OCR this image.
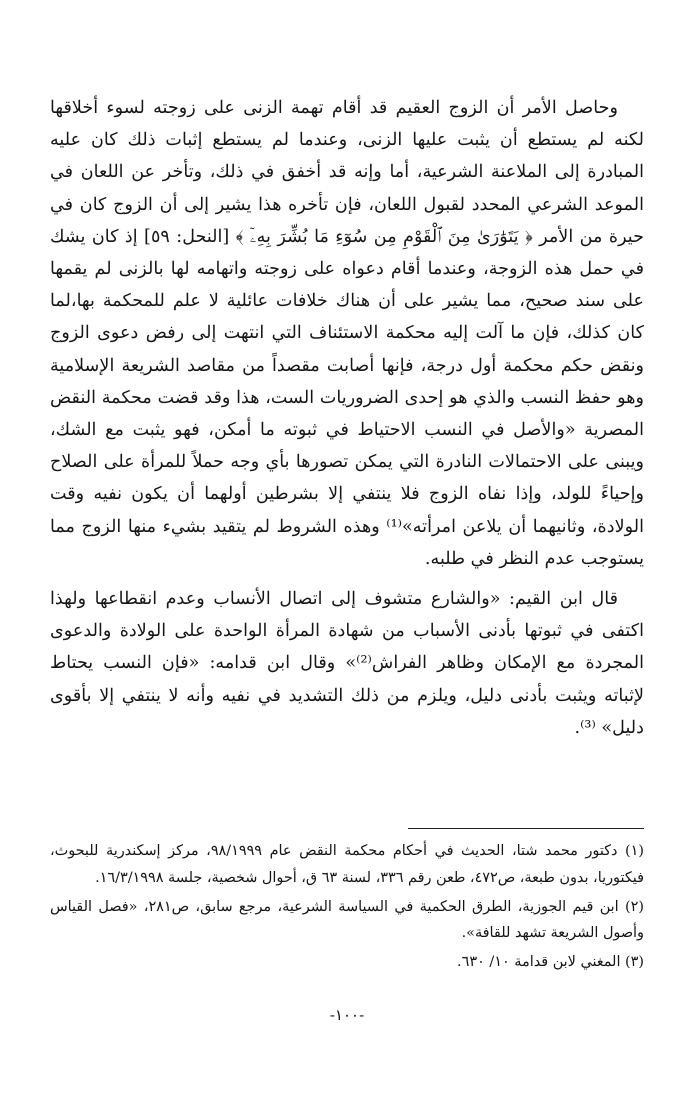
وحاصل الأمر أن الزوج العقيم قد أقام تهمة الزنى على زوجته لسوء أخلاقها لكنه لم يستطع أن يثبت عليها الزنى، وعندما لم يستطع إثبات ذلك كان عليه المبادرة إلى الملاعنة الشرعية، أما وإنه قد أخفق في ذلك، وتأخر عن اللعان في الموعد الشرعي المحدد لقبول اللعان، فإن تأخره هذا يشير إلى أن الزوج كان في حيرة من الأمر ﴿ يَتَوَٰرَىٰ مِنَ ٱلْقَوْمِ مِن سُوٓءِ مَا بُشِّرَ بِهِۦٓ ﴾ [النحل: ٥٩] إذ كان يشك في حمل هذه الزوجة، وعندما أقام دعواه على زوجته واتهامه لها بالزنى لم يقمها على سند صحيح، مما يشير على أن هناك خلافات عائلية لا علم للمحكمة بها،لما كان كذلك، فإن ما آلت إليه محكمة الاستئناف التي انتهت إلى رفض دعوى الزوج ونقض حكم محكمة أول درجة، فإنها أصابت مقصداً من مقاصد الشريعة الإسلامية وهو حفظ النسب والذي هو إحدى الضروريات الست، هذا وقد قضت محكمة النقض المصرية «والأصل في النسب الاحتياط في ثبوته ما أمكن، فهو يثبت مع الشك، ويبنى على الاحتمالات النادرة التي يمكن تصورها بأي وجه حملاً للمرأة على الصلاح وإحياءً للولد، وإذا نفاه الزوج فلا ينتفي إلا بشرطين أولهما أن يكون نفيه وقت الولادة، وثانيهما أن يلاعن امرأته»⁽¹⁾ وهذه الشروط لم يتقيد بشيء منها الزوج مما يستوجب عدم النظر في طلبه.

قال ابن القيم: «والشارع متشوف إلى اتصال الأنساب وعدم انقطاعها ولهذا اكتفى في ثبوتها بأدنى الأسباب من شهادة المرأة الواحدة على الولادة والدعوى المجردة مع الإمكان وظاهر الفراش⁽²⁾» وقال ابن قدامه: «فإن النسب يحتاط لإثباته ويثبت بأدنى دليل، ويلزم من ذلك التشديد في نفيه وأنه لا ينتفي إلا بأقوى دليل» ⁽³⁾.

(١) دكتور محمد شتا، الحديث في أحكام محكمة النقض عام ٩٨/١٩٩٩، مركز إسكندرية للبحوث، فيكتوريا، بدون طبعة، ص٤٧٢، طعن رقم ٣٣٦، لسنة ٦٣ ق، أحوال شخصية، جلسة ١٦/٣/١٩٩٨.

(٢) ابن قيم الجوزية، الطرق الحكمية في السياسة الشرعية، مرجع سابق، ص٢٨١، «فصل القياس وأصول الشريعة تشهد للقافة».

(٣) المغني لابن قدامة ١٠/ ٦٣٠.

-١٠٠-
